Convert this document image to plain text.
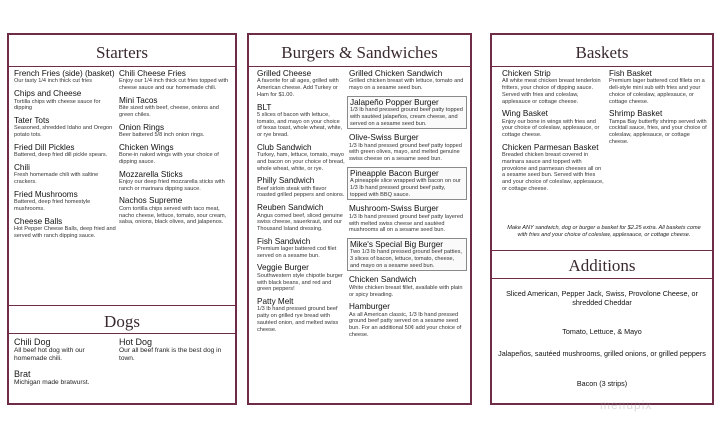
Starters
French Fries (side) (basket)
Our tasty 1/4 inch thick cut fries
Chips and Cheese
Tortilla chips with cheese sauce for dipping
Tater Tots
Seasoned, shredded Idaho and Oregon potato tots.
Fried Dill Pickles
Battered, deep fried dill pickle spears.
Chili
Fresh homemade chili with saltine crackers.
Fried Mushrooms
Battered, deep fried homestyle mushrooms.
Cheese Balls
Hot Pepper Cheese Balls, deep fried and served with ranch dipping sauce.
Chili Cheese Fries
Enjoy our 1/4 inch thick cut fries topped with cheese sauce and our homemade chili.
Mini Tacos
Bite sized with beef, cheese, onions and green chiles.
Onion Rings
Beer battered 5/8 inch onion rings.
Chicken Wings
Bone-in naked wings with your choice of dipping sauce.
Mozzarella Sticks
Enjoy our deep fried mozzarella sticks with ranch or marinara dipping sauce.
Nachos Supreme
Corn tortilla chips served with taco meat, nacho cheese, lettuce, tomato, sour cream, salsa, onions, black olives, and jalapenos.
Dogs
Chili Dog
All beef hot dog with our homemade chili.
Hot Dog
Our all beef frank is the best dog in town.
Brat
Michigan made bratwurst.
Burgers & Sandwiches
Grilled Cheese
A favorite for all ages, grilled with American cheese. Add Turkey or Ham for $1.00.
BLT
5 slices of bacon with lettuce, tomato, and mayo on your choice of texas toast, whole wheat, white, or rye bread.
Club Sandwich
Turkey, ham, lettuce, tomato, mayo and bacon on your choice of bread, whole wheat, white, or rye.
Philly Sandwich
Beef sirloin steak with flavor roasted grilled peppers and onions.
Reuben Sandwich
Angus corned beef, sliced genuine swiss cheese, sauerkraut, and our Thousand Island dressing.
Fish Sandwich
Premium lager battered cod filet served on a sesame bun.
Veggie Burger
Southwestern style chipotle burger with black beans, and red and green peppers!
Patty Melt
1/3 lb hand pressed ground beef patty on grilled rye bread with sautéed onion, and melted swiss cheese.
Grilled Chicken Sandwich
Grilled chicken breast with lettuce, tomato and mayo on a sesame seed bun.
Jalapeño Popper Burger
1/3 lb hand pressed ground beef patty topped with sautéed jalapeños, cream cheese, and served on a sesame seed bun.
Olive-Swiss Burger
1/3 lb hand pressed ground beef patty topped with green olives, mayo, and melted genuine swiss cheese on a sesame seed bun.
Pineapple Bacon Burger
A pineapple slice wrapped with bacon on our 1/3 lb hand pressed ground beef patty, topped with BBQ sauce.
Mushroom-Swiss Burger
1/3 lb hand pressed ground beef patty layered with melted swiss cheese and sautéed mushrooms all on a sesame seed bun.
Mike's Special Big Burger
Two 1/3 lb hand pressed ground beef patties, 3 slices of bacon, lettuce, tomato, cheese, and mayo on a sesame seed bun.
Chicken Sandwich
White chicken breast fillet, available with plain or spicy breading.
Hamburger
As all American classic, 1/3 lb hand pressed ground beef patty served on a sesame seed bun. For an additional 50¢ add your choice of cheese.
Baskets
Chicken Strip
All white meat chicken breast tenderloin fritters, your choice of dipping sauce. Served with fries and coleslaw, applesauce or cottage cheese.
Wing Basket
Enjoy our bone in wings with fries and your choice of coleslaw, applesauce, or cottage cheese.
Chicken Parmesan Basket
Breaded chicken breast covered in marinara sauce and topped with provolone and parmesan cheeses all on a sesame seed bun. Served with fries and your choice of coleslaw, applesauce, or cottage cheese.
Fish Basket
Premium lager battered cod fillets on a deli-style mini sub with fries and your choice of coleslaw, applesauce, or cottage cheese.
Shrimp Basket
Tampa Bay butterfly shrimp served with cocktail sauce, fries, and your choice of coleslaw, applesauce, or cottage cheese.
Make ANY sandwich, dog or burger a basket for $2.25 extra. All baskets come with fries and your choice of coleslaw, applesauce, or cottage cheese.
Additions
Sliced American, Pepper Jack, Swiss, Provolone Cheese, or shredded Cheddar
Tomato, Lettuce, & Mayo
Jalapeños, sautéed mushrooms, grilled onions, or grilled peppers
Bacon (3 strips)
menupix
